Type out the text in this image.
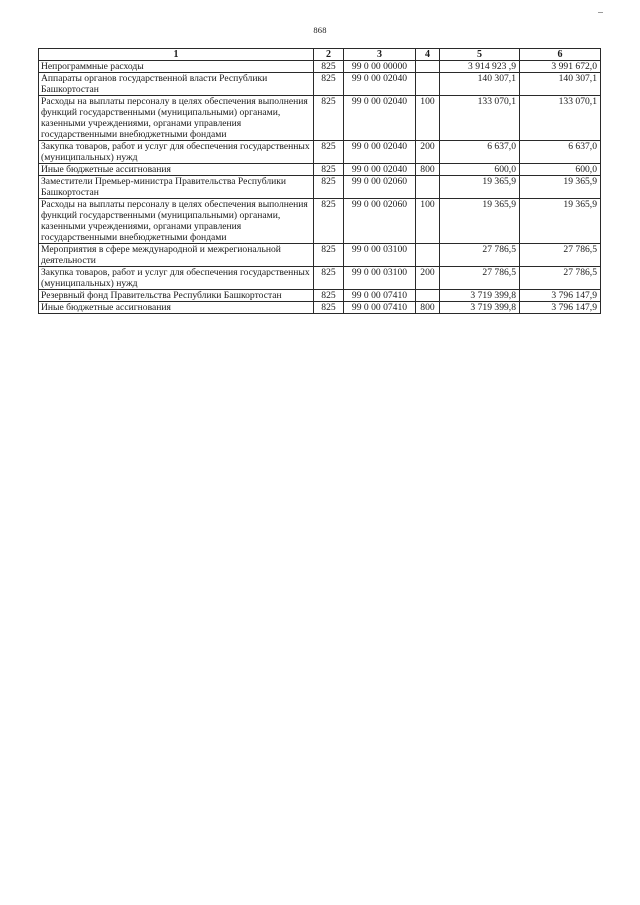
868
1	2	3	4	5	6
Непрограммные расходы	825	99 0 00 00000		3 914 923 ,9	3 991 672,0
Аппараты органов государственной власти Республики Башкортостан	825	99 0 00 02040		140 307,1	140 307,1
Расходы на выплаты персоналу в целях обеспечения выполнения функций государственными (муниципальными) органами, казенными учреждениями, органами управления государственными внебюджетными фондами	825	99 0 00 02040	100	133 070,1	133 070,1
Закупка товаров, работ и услуг для обеспечения государственных (муниципальных) нужд	825	99 0 00 02040	200	6 637,0	6 637,0
Иные бюджетные ассигнования	825	99 0 00 02040	800	600,0	600,0
Заместители Премьер-министра Правительства Республики Башкортостан	825	99 0 00 02060		19 365,9	19 365,9
Расходы на выплаты персоналу в целях обеспечения выполнения функций государственными (муниципальными) органами, казенными учреждениями, органами управления государственными внебюджетными фондами	825	99 0 00 02060	100	19 365,9	19 365,9
Мероприятия в сфере международной и межрегиональной деятельности	825	99 0 00 03100		27 786,5	27 786,5
Закупка товаров, работ и услуг для обеспечения государственных (муниципальных) нужд	825	99 0 00 03100	200	27 786,5	27 786,5
Резервный фонд Правительства Республики Башкортостан	825	99 0 00 07410		3 719 399,8	3 796 147,9
Иные бюджетные ассигнования	825	99 0 00 07410	800	3 719 399,8	3 796 147,9
